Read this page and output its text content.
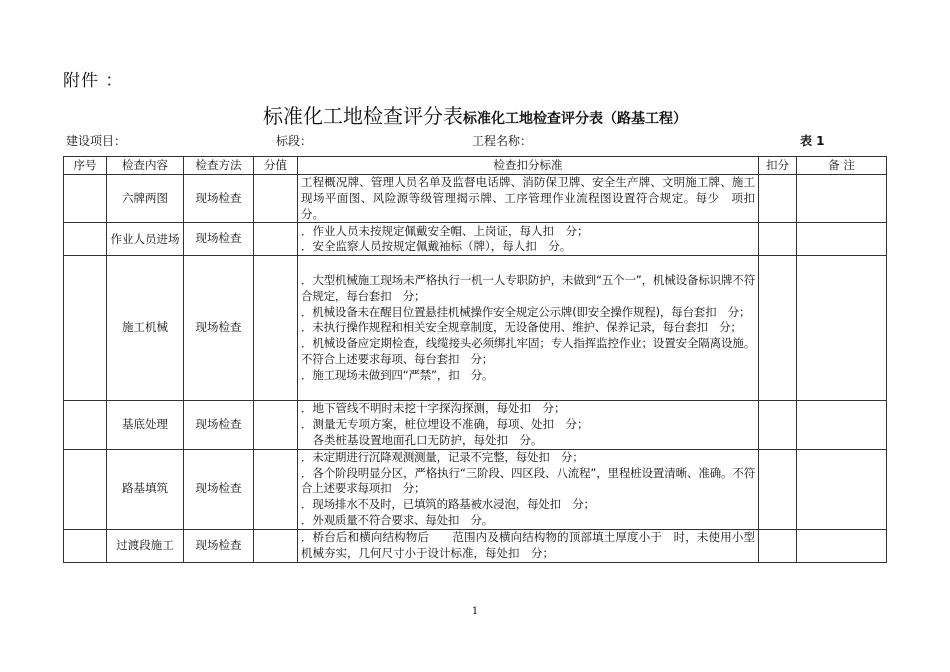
附件 ：
标准化工地检查评分表标准化工地检查评分表（路基工程）
建设项目：	标段：	工程名称：	表 1
序号	检查内容	检查方法	分值	检查扣分标准	扣分	备 注
	六牌两图	现场检查		工程概况牌、管理人员名单及监督电话牌、消防保卫牌、安全生产牌、文明施工牌、施工现场平面图、风险源等级管理揭示牌、工序管理作业流程图设置符合规定。每少　项扣　分。		

	作业人员进场	现场检查		．作业人员未按规定佩戴安全帽、上岗证，每人扣　分；
．安全监察人员按规定佩戴袖标（牌），每人扣　分。		

	施工机械	现场检查		．大型机械施工现场未严格执行一机一人专职防护，未做到“五个一”，机械设备标识牌不符合规定，每台套扣　分；
．机械设备未在醒目位置悬挂机械操作安全规定公示牌(即安全操作规程)，每台套扣　分；
．未执行操作规程和相关安全规章制度，无设备使用、维护、保养记录，每台套扣　分；
．机械设备应定期检查，线缆接头必须绑扎牢固；专人指挥监控作业；设置安全隔离设施。不符合上述要求每项、每台套扣　分；
．施工现场未做到四“严禁”，扣　分。		

	基底处理	现场检查		．地下管线不明时未挖十字探沟探测，每处扣　分；
．测量无专项方案，桩位埋设不准确，每项、处扣　分；
　各类桩基设置地面孔口无防护，每处扣　分。		

	路基填筑	现场检查		．未定期进行沉降观测测量，记录不完整，每处扣　分；
．各个阶段明显分区，严格执行“三阶段、四区段、八流程”，里程桩设置清晰、准确。不符合上述要求每项扣　分；
．现场排水不及时，已填筑的路基被水浸泡，每处扣　分；
．外观质量不符合要求、每处扣　分。		

	过渡段施工	现场检查		．桥台后和横向结构物后　　范围内及横向结构物的顶部填土厚度小于　时，未使用小型机械夯实，几何尺寸小于设计标准，每处扣　分；		

1
